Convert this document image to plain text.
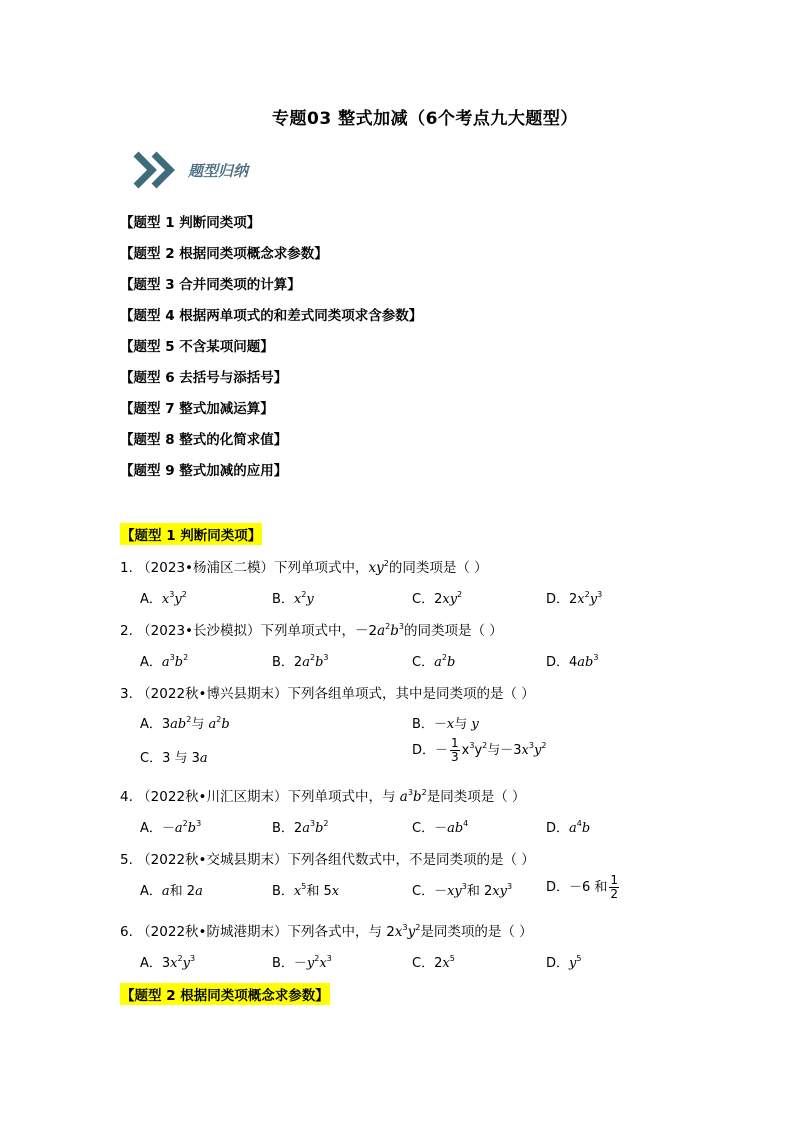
专题03 整式加减（6个考点九大题型）
题型归纳
【题型 1 判断同类项】
【题型 2 根据同类项概念求参数】
【题型 3 合并同类项的计算】
【题型 4 根据两单项式的和差式同类项求含参数】
【题型 5 不含某项问题】
【题型 6 去括号与添括号】
【题型 7 整式加减运算】
【题型 8 整式的化简求值】
【题型 9 整式加减的应用】
【题型 1 判断同类项】
1. （2023•杨浦区二模）下列单项式中，$xy^2$的同类项是（ ）
A．$x^3y^2$	B．$x^2y$	C．$2xy^2$	D．$2x^2y^3$
2. （2023•长沙模拟）下列单项式中，$-2a^2b^3$的同类项是（ ）
A．$a^3b^2$	B．$2a^2b^3$	C．$a^2b$	D．$4ab^3$
3. （2022秋•博兴县期末）下列各组单项式，其中是同类项的是（ ）
A．$3ab^2$与 $a^2b$	B．－x与 y
C．3 与 3a
D．－ $\frac{1}{3} x^3y^2$与$-3x^3y^2$
4. （2022秋•川汇区期末）下列单项式中，与 $a^3b^2$是同类项是（ ）
A．$-a^2b^3$	B．$2a^3b^2$	C．$-ab^4$	D．$a^4b$
5. （2022秋•交城县期末）下列各组代数式中，不是同类项的是（ ）
A．a和 2a	B．$x^5$和 5x	C．$-xy^3$和 $2xy^3$	D．－6 和 $\frac{1}{2}$
6. （2022秋•防城港期末）下列各式中，与 $2x^3y^2$是同类项的是（ ）
A．$3x^2y^3$	B．$-y^2x^3$	C．$2x^5$	D．$y^5$
【题型 2 根据同类项概念求参数】
